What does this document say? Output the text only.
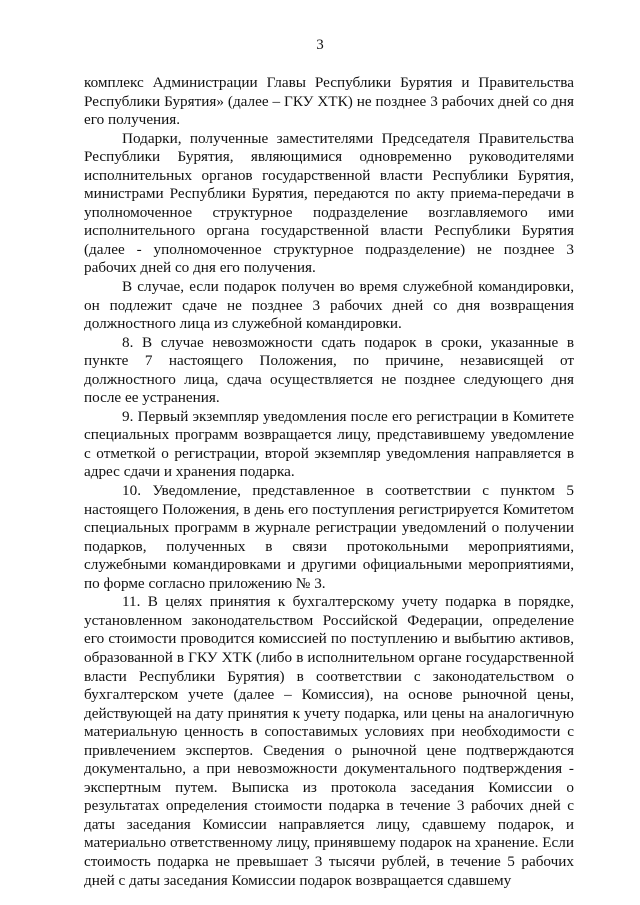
3

комплекс Администрации Главы Республики Бурятия и Правительства Республики Бурятия» (далее – ГКУ ХТК) не позднее 3 рабочих дней со дня его получения.

Подарки, полученные заместителями Председателя Правительства Республики Бурятия, являющимися одновременно руководителями исполнительных органов государственной власти Республики Бурятия, министрами Республики Бурятия, передаются по акту приема-передачи в уполномоченное структурное подразделение возглавляемого ими исполнительного органа государственной власти Республики Бурятия (далее - уполномоченное структурное подразделение) не позднее 3 рабочих дней со дня его получения.

В случае, если подарок получен во время служебной командировки, он подлежит сдаче не позднее 3 рабочих дней со дня возвращения должностного лица из служебной командировки.

8. В случае невозможности сдать подарок в сроки, указанные в пункте 7 настоящего Положения, по причине, независящей от должностного лица, сдача осуществляется не позднее следующего дня после ее устранения.

9. Первый экземпляр уведомления после его регистрации в Комитете специальных программ возвращается лицу, представившему уведомление с отметкой о регистрации, второй экземпляр уведомления направляется в адрес сдачи и хранения подарка.

10. Уведомление, представленное в соответствии с пунктом 5 настоящего Положения, в день его поступления регистрируется Комитетом специальных программ в журнале регистрации уведомлений о получении подарков, полученных в связи протокольными мероприятиями, служебными командировками и другими официальными мероприятиями, по форме согласно приложению № 3.

11. В целях принятия к бухгалтерскому учету подарка в порядке, установленном законодательством Российской Федерации, определение его стоимости проводится комиссией по поступлению и выбытию активов, образованной в ГКУ ХТК (либо в исполнительном органе государственной власти Республики Бурятия) в соответствии с законодательством о бухгалтерском учете (далее – Комиссия), на основе рыночной цены, действующей на дату принятия к учету подарка, или цены на аналогичную материальную ценность в сопоставимых условиях при необходимости с привлечением экспертов. Сведения о рыночной цене подтверждаются документально, а при невозможности документального подтверждения - экспертным путем. Выписка из протокола заседания Комиссии о результатах определения стоимости подарка в течение 3 рабочих дней с даты заседания Комиссии направляется лицу, сдавшему подарок, и материально ответственному лицу, принявшему подарок на хранение. Если стоимость подарка не превышает 3 тысячи рублей, в течение 5 рабочих дней с даты заседания Комиссии подарок возвращается сдавшему
